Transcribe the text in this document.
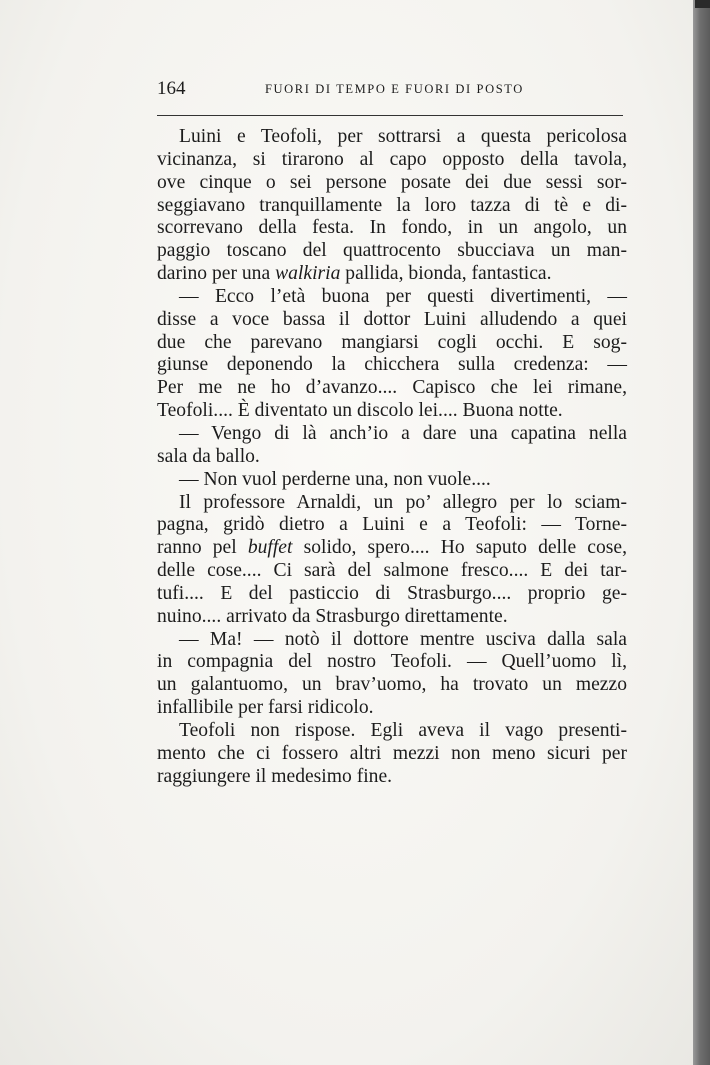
164	FUORI DI TEMPO E FUORI DI POSTO
Luini e Teofoli, per sottrarsi a questa pericolosa
vicinanza, si tirarono al capo opposto della tavola,
ove cinque o sei persone posate dei due sessi sor-
seggiavano tranquillamente la loro tazza di tè e di-
scorrevano della festa. In fondo, in un angolo, un
paggio toscano del quattrocento sbucciava un man-
darino per una walkiria pallida, bionda, fantastica.
— Ecco l’età buona per questi divertimenti, —
disse a voce bassa il dottor Luini alludendo a quei
due che parevano mangiarsi cogli occhi. E sog-
giunse deponendo la chicchera sulla credenza: —
Per me ne ho d’avanzo.... Capisco che lei rimane,
Teofoli.... È diventato un discolo lei.... Buona notte.
— Vengo di là anch’io a dare una capatina nella
sala da ballo.
— Non vuol perderne una, non vuole....
Il professore Arnaldi, un po’ allegro per lo sciam-
pagna, gridò dietro a Luini e a Teofoli: — Torne-
ranno pel buffet solido, spero.... Ho saputo delle cose,
delle cose.... Ci sarà del salmone fresco.... E dei tar-
tufi.... E del pasticcio di Strasburgo.... proprio ge-
nuino.... arrivato da Strasburgo direttamente.
— Ma! — notò il dottore mentre usciva dalla sala
in compagnia del nostro Teofoli. — Quell’uomo lì,
un galantuomo, un brav’uomo, ha trovato un mezzo
infallibile per farsi ridicolo.
Teofoli non rispose. Egli aveva il vago presenti-
mento che ci fossero altri mezzi non meno sicuri per
raggiungere il medesimo fine.
